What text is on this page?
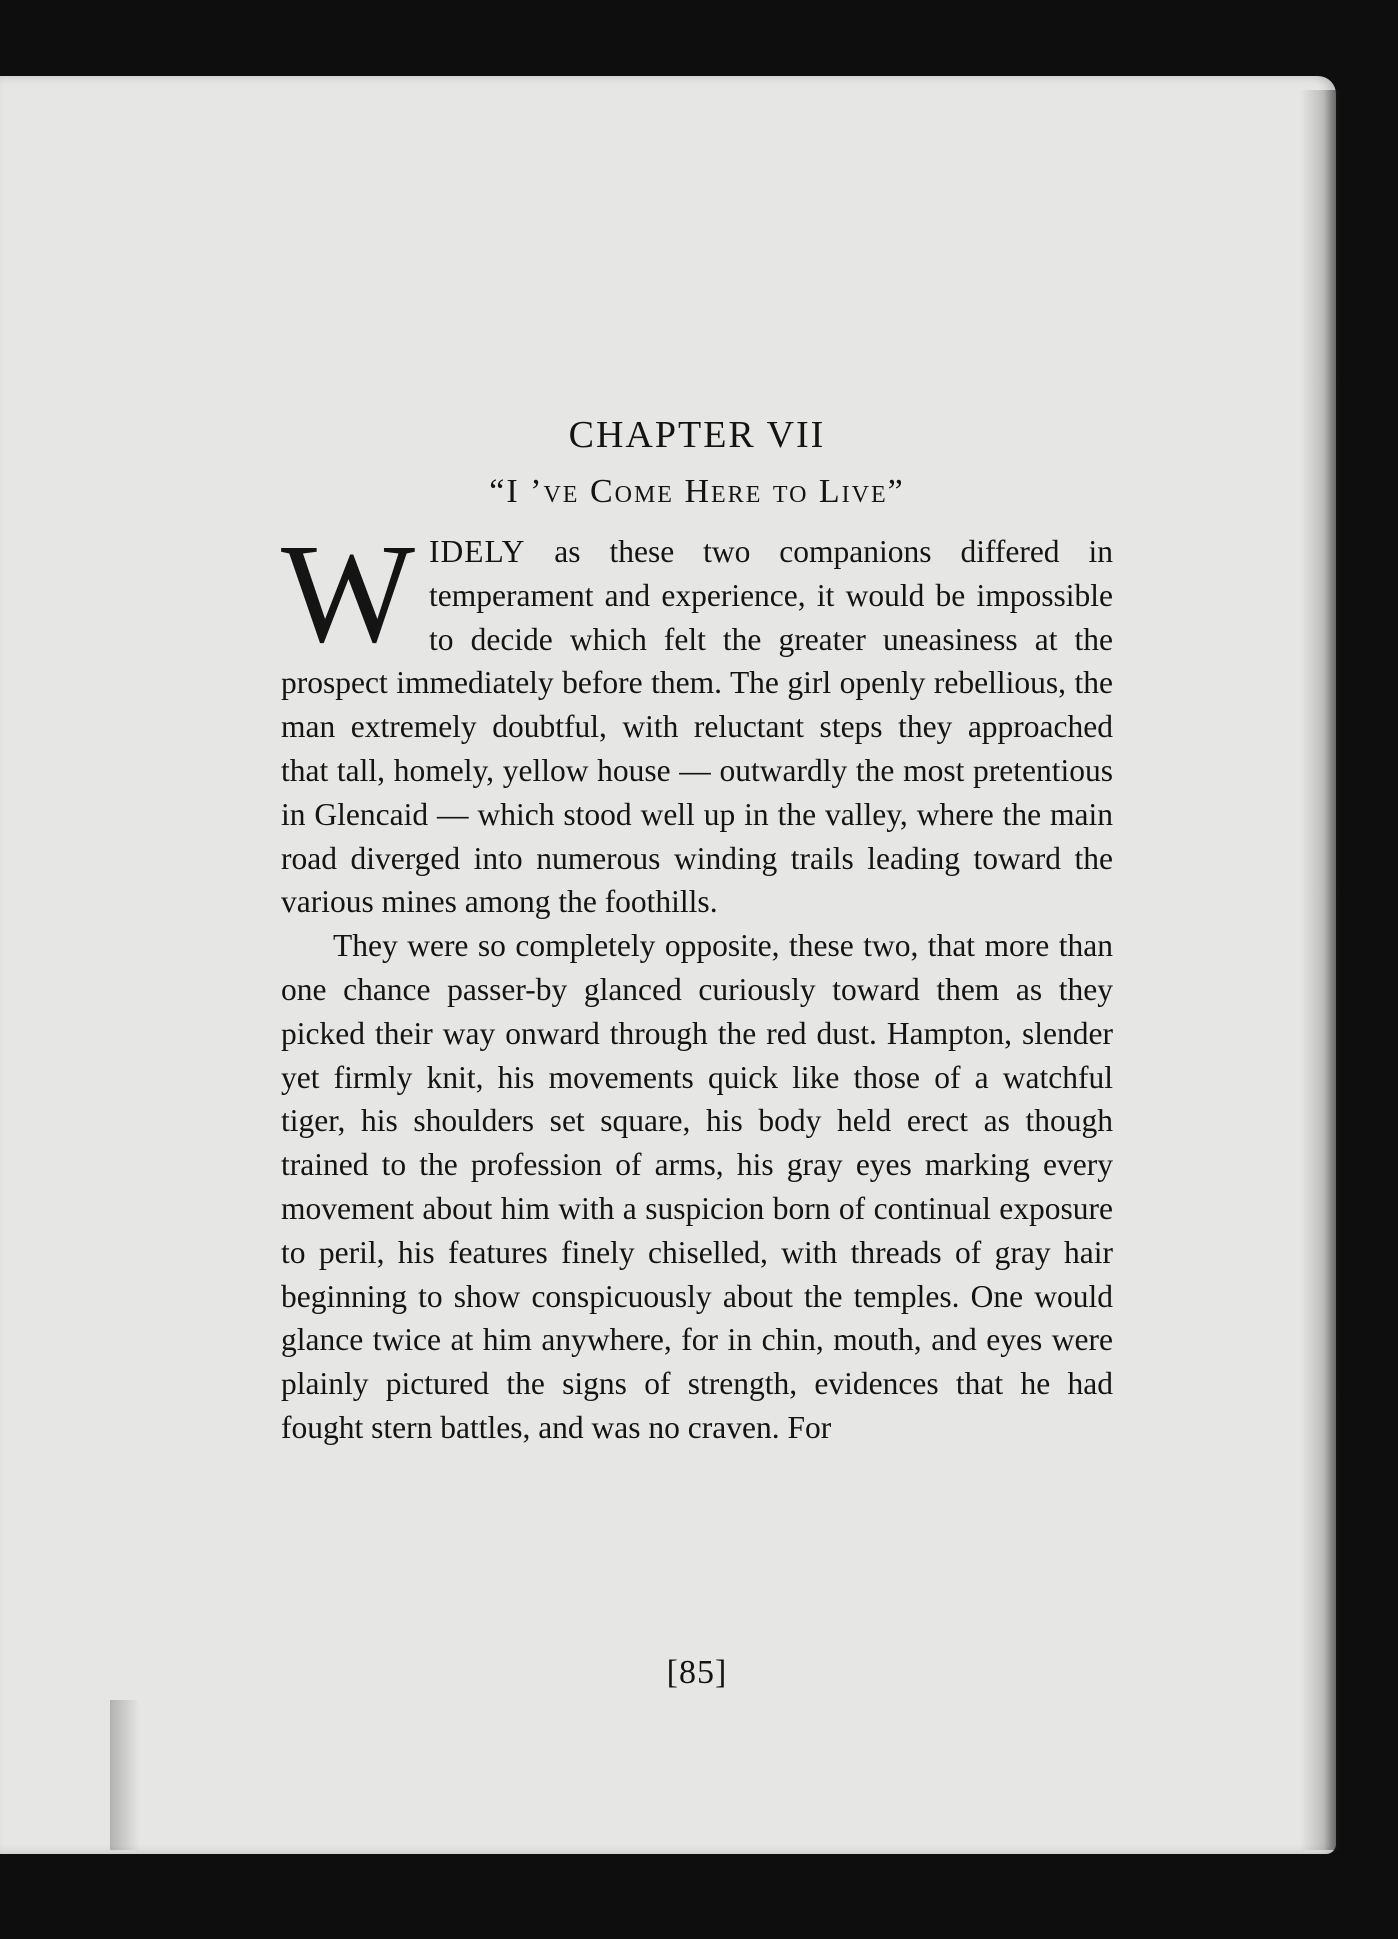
CHAPTER VII
“I ’ve Come Here to Live”

WIDELY as these two companions differed in temperament and experience, it would be impossible to decide which felt the greater uneasiness at the prospect immediately before them. The girl openly rebellious, the man extremely doubtful, with reluctant steps they approached that tall, homely, yellow house — outwardly the most pretentious in Glencaid — which stood well up in the valley, where the main road diverged into numerous winding trails leading toward the various mines among the foothills.

They were so completely opposite, these two, that more than one chance passer-by glanced curiously toward them as they picked their way onward through the red dust. Hampton, slender yet firmly knit, his movements quick like those of a watchful tiger, his shoulders set square, his body held erect as though trained to the profession of arms, his gray eyes marking every movement about him with a suspicion born of continual exposure to peril, his features finely chiselled, with threads of gray hair beginning to show conspicuously about the temples. One would glance twice at him anywhere, for in chin, mouth, and eyes were plainly pictured the signs of strength, evidences that he had fought stern battles, and was no craven. For

[85]
